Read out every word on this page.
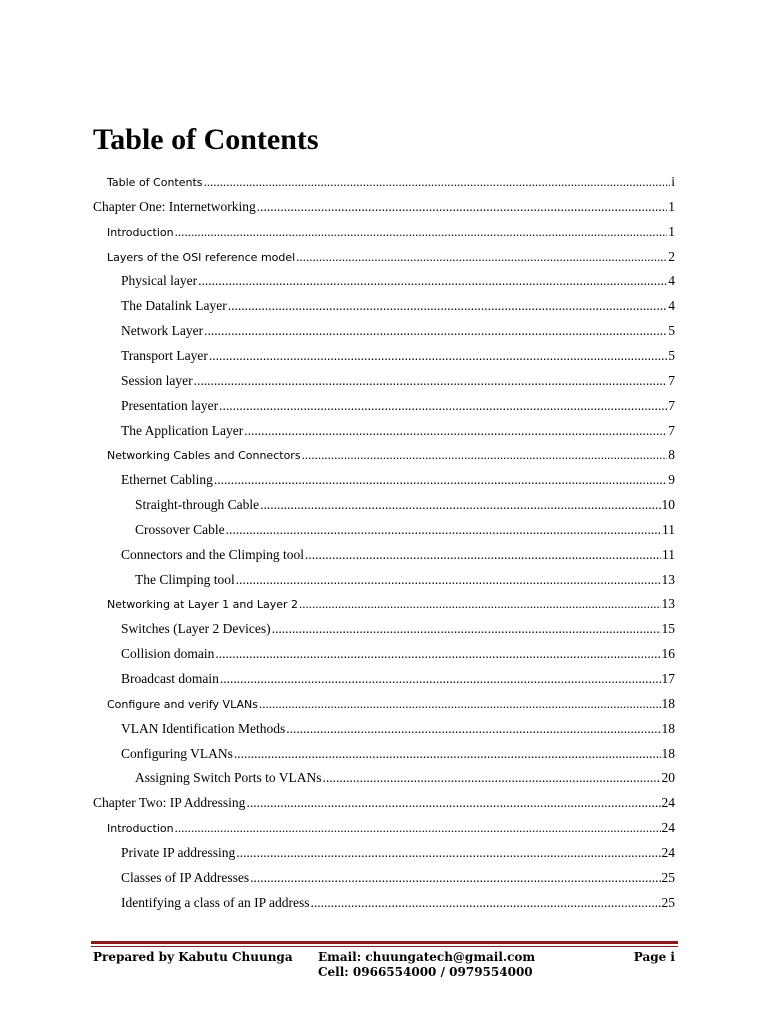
Table of Contents
Table of Contents .....	i
Chapter One: Internetworking .....	1
Introduction .....	1
Layers of the OSI reference model .....	2
Physical layer .....	4
The Datalink Layer .....	4
Network Layer .....	5
Transport Layer .....	5
Session layer .....	7
Presentation layer .....	7
The Application Layer .....	7
Networking Cables and Connectors .....	8
Ethernet Cabling .....	9
Straight-through Cable .....	10
Crossover Cable .....	11
Connectors and the Climping tool .....	11
The Climping tool .....	13
Networking at Layer 1 and Layer 2 .....	13
Switches (Layer 2 Devices) .....	15
Collision domain .....	16
Broadcast domain .....	17
Configure and verify VLANs .....	18
VLAN Identification Methods .....	18
Configuring VLANs .....	18
Assigning Switch Ports to VLANs .....	20
Chapter Two: IP Addressing .....	24
Introduction .....	24
Private IP addressing .....	24
Classes of IP Addresses .....	25
Identifying a class of an IP address .....	25
Prepared by Kabutu Chuunga Email: chuungatech@gmail.com
Cell: 0966554000 / 0979554000
Page i
